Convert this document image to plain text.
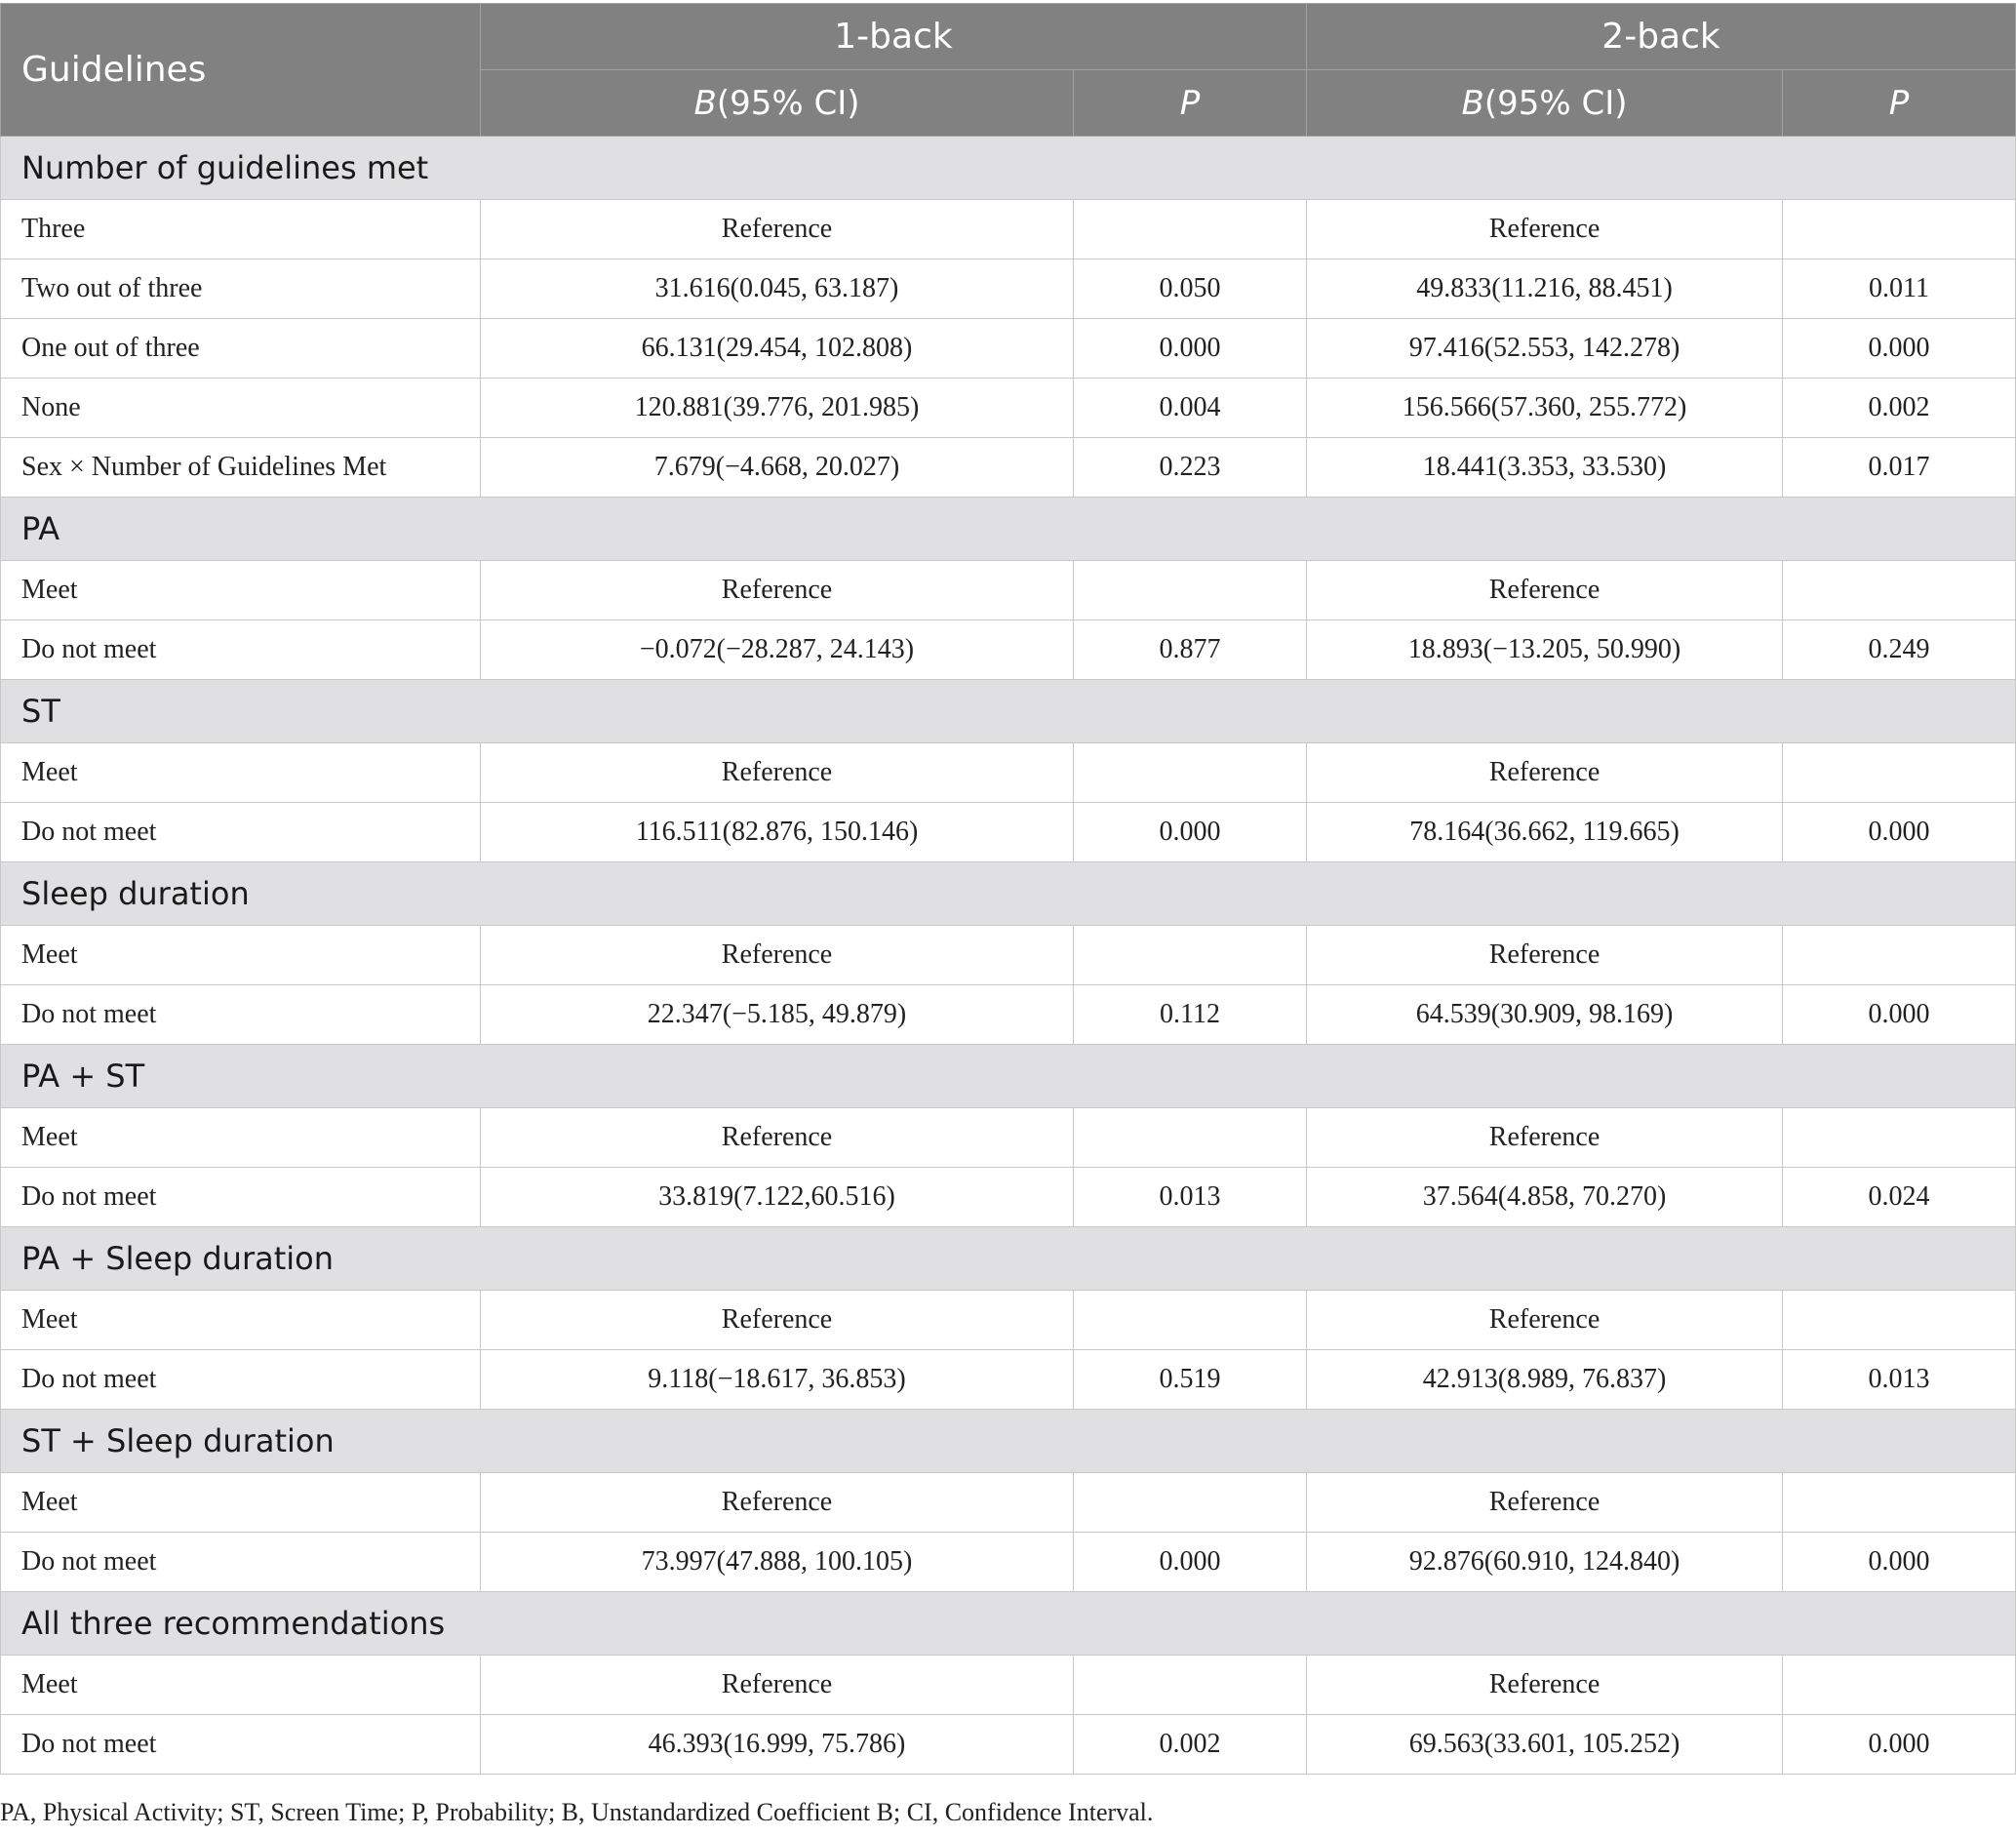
Guidelines	1-back		2-back	
	B(95% CI)	P	B(95% CI)	P
Number of guidelines met				
Three	Reference		Reference	
Two out of three	31.616(0.045, 63.187)	0.050	49.833(11.216, 88.451)	0.011
One out of three	66.131(29.454, 102.808)	0.000	97.416(52.553, 142.278)	0.000
None	120.881(39.776, 201.985)	0.004	156.566(57.360, 255.772)	0.002
Sex × Number of Guidelines Met	7.679(−4.668, 20.027)	0.223	18.441(3.353, 33.530)	0.017
PA				
Meet	Reference		Reference	
Do not meet	−0.072(−28.287, 24.143)	0.877	18.893(−13.205, 50.990)	0.249
ST				
Meet	Reference		Reference	
Do not meet	116.511(82.876, 150.146)	0.000	78.164(36.662, 119.665)	0.000
Sleep duration				
Meet	Reference		Reference	
Do not meet	22.347(−5.185, 49.879)	0.112	64.539(30.909, 98.169)	0.000
PA + ST				
Meet	Reference		Reference	
Do not meet	33.819(7.122,60.516)	0.013	37.564(4.858, 70.270)	0.024
PA + Sleep duration				
Meet	Reference		Reference	
Do not meet	9.118(−18.617, 36.853)	0.519	42.913(8.989, 76.837)	0.013
ST + Sleep duration				
Meet	Reference		Reference	
Do not meet	73.997(47.888, 100.105)	0.000	92.876(60.910, 124.840)	0.000
All three recommendations				
Meet	Reference		Reference	
Do not meet	46.393(16.999, 75.786)	0.002	69.563(33.601, 105.252)	0.000
PA, Physical Activity; ST, Screen Time; P, Probability; B, Unstandardized Coefficient B; CI, Confidence Interval.
